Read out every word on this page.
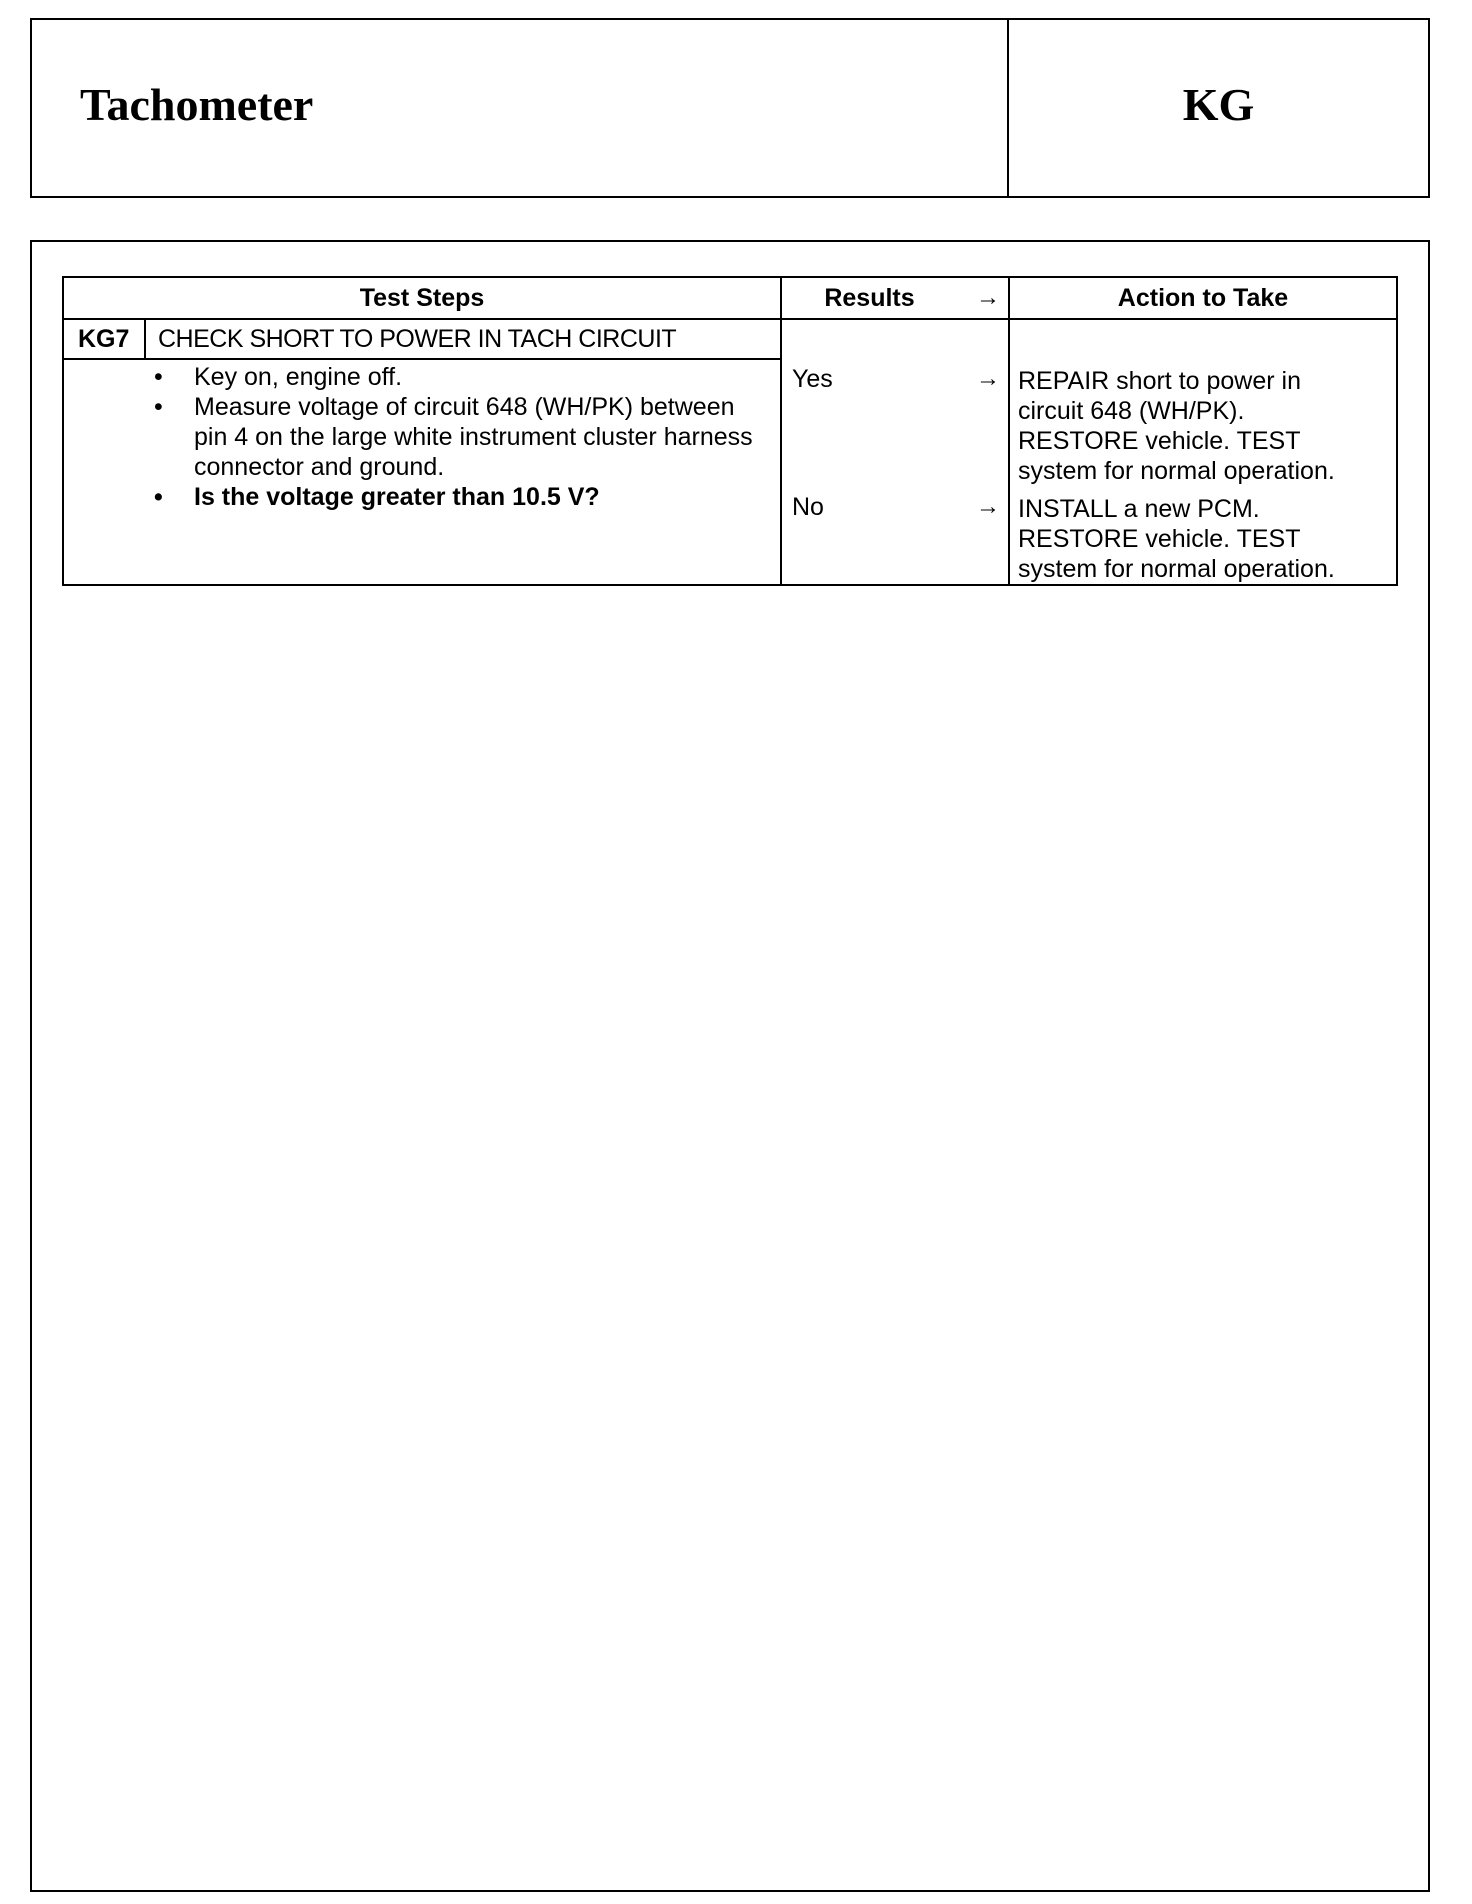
Tachometer	KG
Test Steps	Results	→	Action to Take
KG7 CHECK SHORT TO POWER IN TACH CIRCUIT
• Key on, engine off.
• Measure voltage of circuit 648 (WH/PK) between pin 4 on the large white instrument cluster harness connector and ground.
• Is the voltage greater than 10.5 V?
Yes	→ REPAIR short to power in
circuit 648 (WH/PK).
RESTORE vehicle. TEST
system for normal operation.
No	→ INSTALL a new PCM.
RESTORE vehicle. TEST
system for normal operation.
